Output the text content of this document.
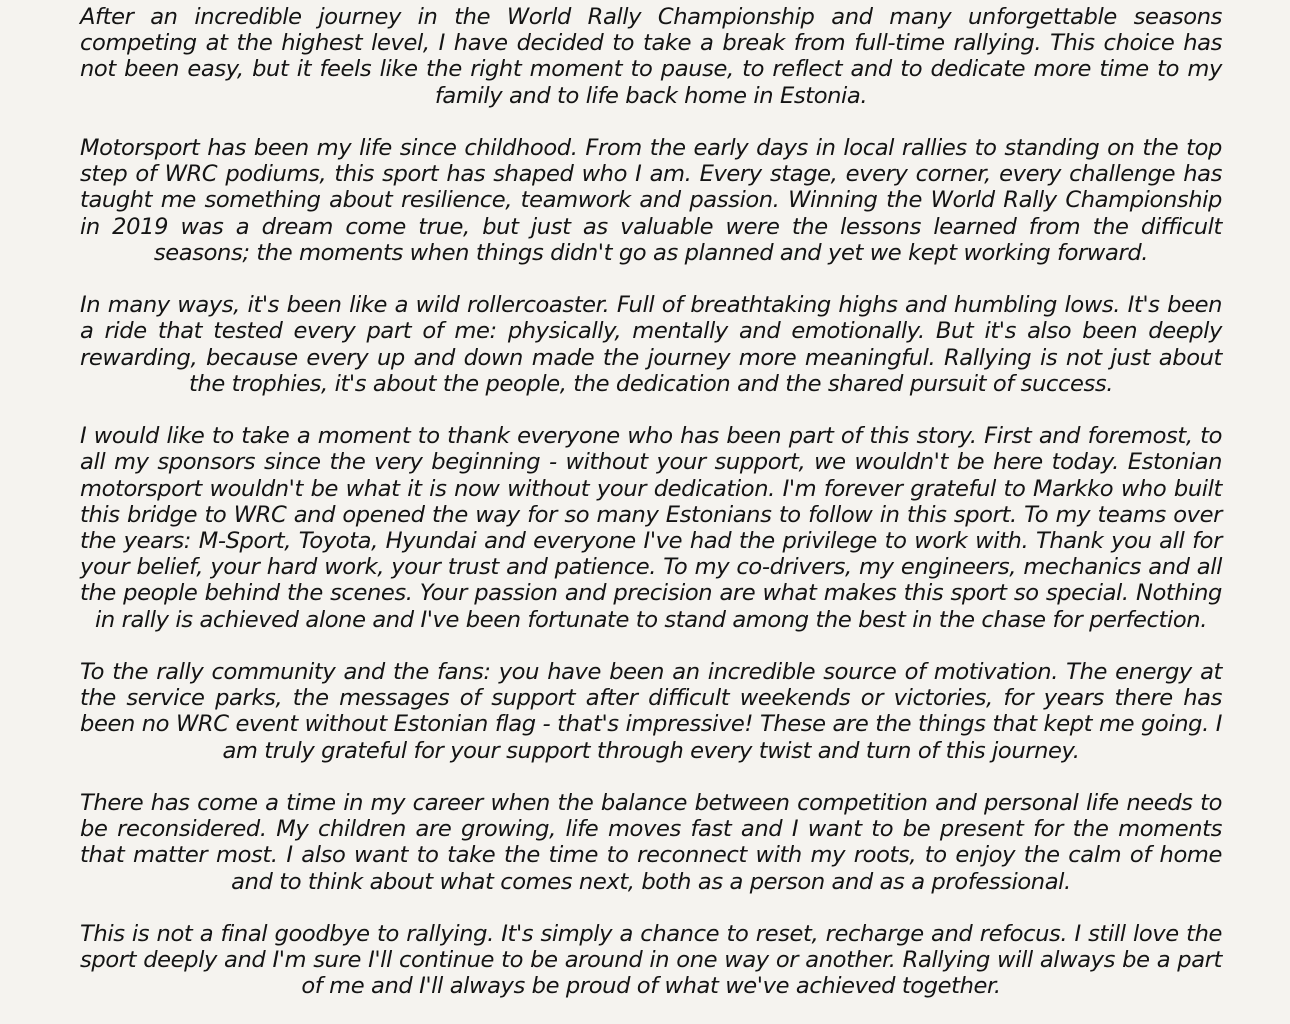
After an incredible journey in the World Rally Championship and many unforgettable seasons competing at the highest level, I have decided to take a break from full-time rallying. This choice has not been easy, but it feels like the right moment to pause, to reflect and to dedicate more time to my family and to life back home in Estonia.

Motorsport has been my life since childhood. From the early days in local rallies to standing on the top step of WRC podiums, this sport has shaped who I am. Every stage, every corner, every challenge has taught me something about resilience, teamwork and passion. Winning the World Rally Championship in 2019 was a dream come true, but just as valuable were the lessons learned from the difficult seasons; the moments when things didn't go as planned and yet we kept working forward.

In many ways, it's been like a wild rollercoaster. Full of breathtaking highs and humbling lows. It's been a ride that tested every part of me: physically, mentally and emotionally. But it's also been deeply rewarding, because every up and down made the journey more meaningful. Rallying is not just about the trophies, it's about the people, the dedication and the shared pursuit of success.

I would like to take a moment to thank everyone who has been part of this story. First and foremost, to all my sponsors since the very beginning - without your support, we wouldn't be here today. Estonian motorsport wouldn't be what it is now without your dedication. I'm forever grateful to Markko who built this bridge to WRC and opened the way for so many Estonians to follow in this sport. To my teams over the years: M-Sport, Toyota, Hyundai and everyone I've had the privilege to work with. Thank you all for your belief, your hard work, your trust and patience. To my co-drivers, my engineers, mechanics and all the people behind the scenes. Your passion and precision are what makes this sport so special. Nothing in rally is achieved alone and I've been fortunate to stand among the best in the chase for perfection.

To the rally community and the fans: you have been an incredible source of motivation. The energy at the service parks, the messages of support after difficult weekends or victories, for years there has been no WRC event without Estonian flag - that's impressive! These are the things that kept me going. I am truly grateful for your support through every twist and turn of this journey.

There has come a time in my career when the balance between competition and personal life needs to be reconsidered. My children are growing, life moves fast and I want to be present for the moments that matter most. I also want to take the time to reconnect with my roots, to enjoy the calm of home and to think about what comes next, both as a person and as a professional.

This is not a final goodbye to rallying. It's simply a chance to reset, recharge and refocus. I still love the sport deeply and I'm sure I'll continue to be around in one way or another. Rallying will always be a part of me and I'll always be proud of what we've achieved together.
